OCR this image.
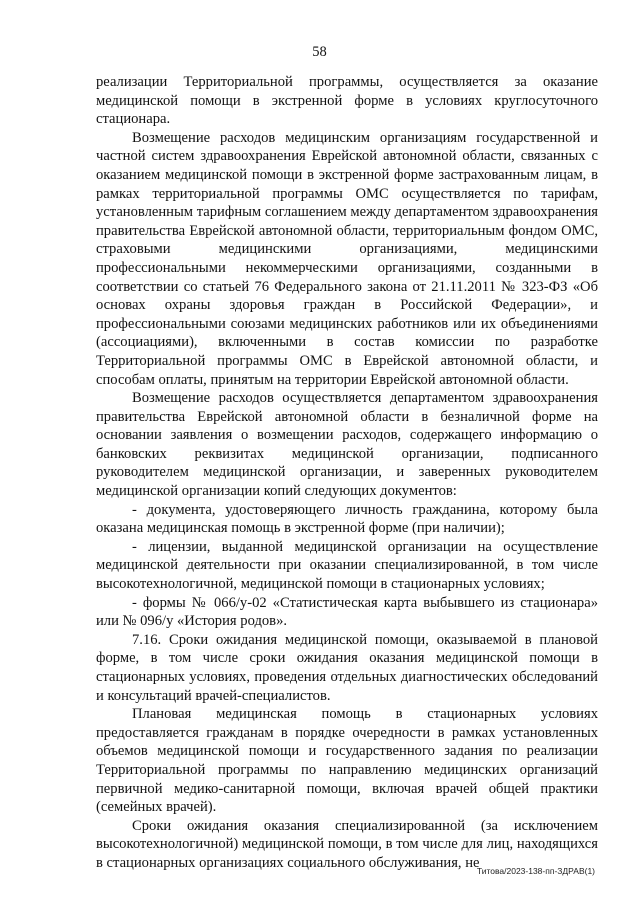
58

реализации Территориальной программы, осуществляется за оказание медицинской помощи в экстренной форме в условиях круглосуточного стационара.

Возмещение расходов медицинским организациям государственной и частной систем здравоохранения Еврейской автономной области, связанных с оказанием медицинской помощи в экстренной форме застрахованным лицам, в рамках территориальной программы ОМС осуществляется по тарифам, установленным тарифным соглашением между департаментом здравоохранения правительства Еврейской автономной области, территориальным фондом ОМС, страховыми медицинскими организациями, медицинскими профессиональными некоммерческими организациями, созданными в соответствии со статьей 76 Федерального закона от 21.11.2011 № 323-ФЗ «Об основах охраны здоровья граждан в Российской Федерации», и профессиональными союзами медицинских работников или их объединениями (ассоциациями), включенными в состав комиссии по разработке Территориальной программы ОМС в Еврейской автономной области, и способам оплаты, принятым на территории Еврейской автономной области.

Возмещение расходов осуществляется департаментом здравоохранения правительства Еврейской автономной области в безналичной форме на основании заявления о возмещении расходов, содержащего информацию о банковских реквизитах медицинской организации, подписанного руководителем медицинской организации, и заверенных руководителем медицинской организации копий следующих документов:

- документа, удостоверяющего личность гражданина, которому была оказана медицинская помощь в экстренной форме (при наличии);

- лицензии, выданной медицинской организации на осуществление медицинской деятельности при оказании специализированной, в том числе высокотехнологичной, медицинской помощи в стационарных условиях;

- формы № 066/у-02 «Статистическая карта выбывшего из стационара» или № 096/у «История родов».

7.16. Сроки ожидания медицинской помощи, оказываемой в плановой форме, в том числе сроки ожидания оказания медицинской помощи в стационарных условиях, проведения отдельных диагностических обследований и консультаций врачей-специалистов.

Плановая медицинская помощь в стационарных условиях предоставляется гражданам в порядке очередности в рамках установленных объемов медицинской помощи и государственного задания по реализации Территориальной программы по направлению медицинских организаций первичной медико-санитарной помощи, включая врачей общей практики (семейных врачей).

Сроки ожидания оказания специализированной (за исключением высокотехнологичной) медицинской помощи, в том числе для лиц, находящихся в стационарных организациях социального обслуживания, не

Титова/2023-138-пп-ЗДРАВ(1)
